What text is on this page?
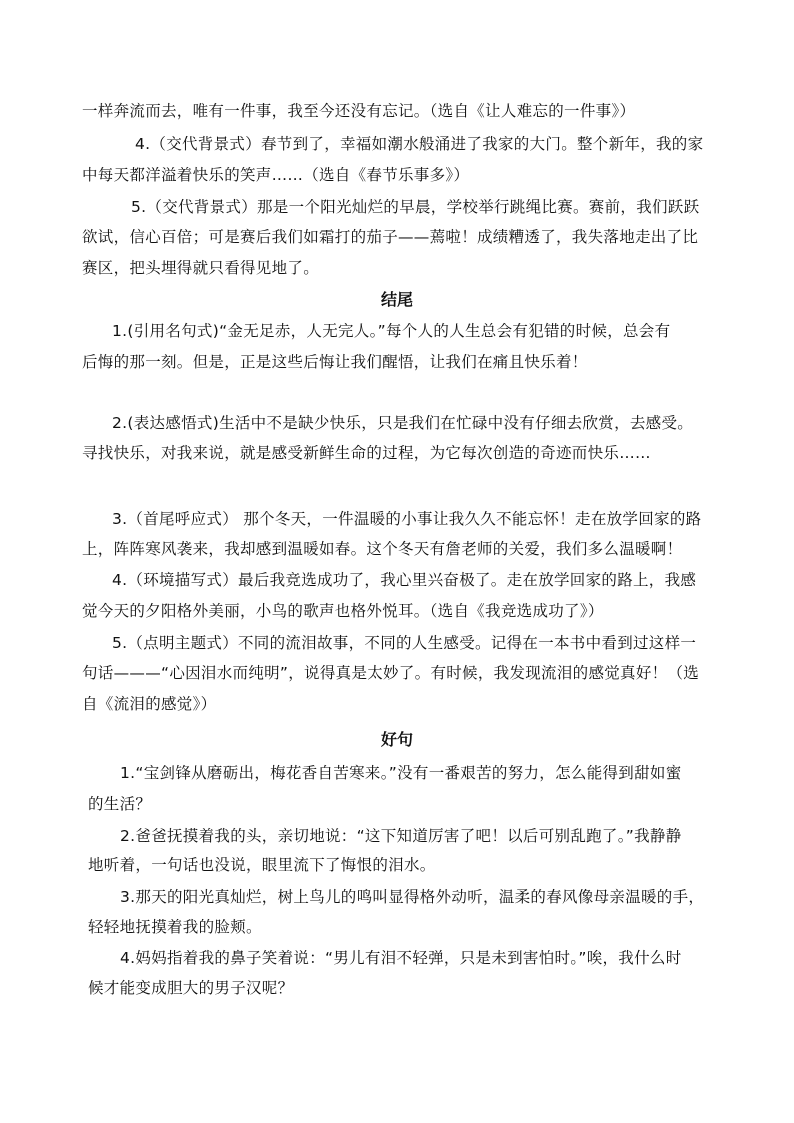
一样奔流而去，唯有一件事，我至今还没有忘记。（选自《让人难忘的一件事》）
4.（交代背景式）春节到了，幸福如潮水般涌进了我家的大门。整个新年，我的家
中每天都洋溢着快乐的笑声……（选自《春节乐事多》）
5.（交代背景式）那是一个阳光灿烂的早晨，学校举行跳绳比赛。赛前，我们跃跃
欲试，信心百倍；可是赛后我们如霜打的茄子——蔫啦！成绩糟透了，我失落地走出了比
赛区，把头埋得就只看得见地了。
结尾
1.(引用名句式)“金无足赤，人无完人。”每个人的人生总会有犯错的时候，总会有
后悔的那一刻。但是，正是这些后悔让我们醒悟，让我们在痛且快乐着！
2.(表达感悟式)生活中不是缺少快乐，只是我们在忙碌中没有仔细去欣赏，去感受。
寻找快乐，对我来说，就是感受新鲜生命的过程，为它每次创造的奇迹而快乐……
3.（首尾呼应式） 那个冬天，一件温暖的小事让我久久不能忘怀！走在放学回家的路
上，阵阵寒风袭来，我却感到温暖如春。这个冬天有詹老师的关爱，我们多么温暖啊！
4.（环境描写式）最后我竞选成功了，我心里兴奋极了。走在放学回家的路上，我感
觉今天的夕阳格外美丽，小鸟的歌声也格外悦耳。（选自《我竞选成功了》）
5.（点明主题式）不同的流泪故事，不同的人生感受。记得在一本书中看到过这样一
句话———“心因泪水而纯明”，说得真是太妙了。有时候，我发现流泪的感觉真好！（选
自《流泪的感觉》）
好句
1.“宝剑锋从磨砺出，梅花香自苦寒来。”没有一番艰苦的努力，怎么能得到甜如蜜
的生活？
2.爸爸抚摸着我的头，亲切地说：“这下知道厉害了吧！以后可别乱跑了。”我静静
地听着，一句话也没说，眼里流下了悔恨的泪水。
3.那天的阳光真灿烂，树上鸟儿的鸣叫显得格外动听，温柔的春风像母亲温暖的手，
轻轻地抚摸着我的脸颊。
4.妈妈指着我的鼻子笑着说：“男儿有泪不轻弹，只是未到害怕时。”唉，我什么时
候才能变成胆大的男子汉呢？
